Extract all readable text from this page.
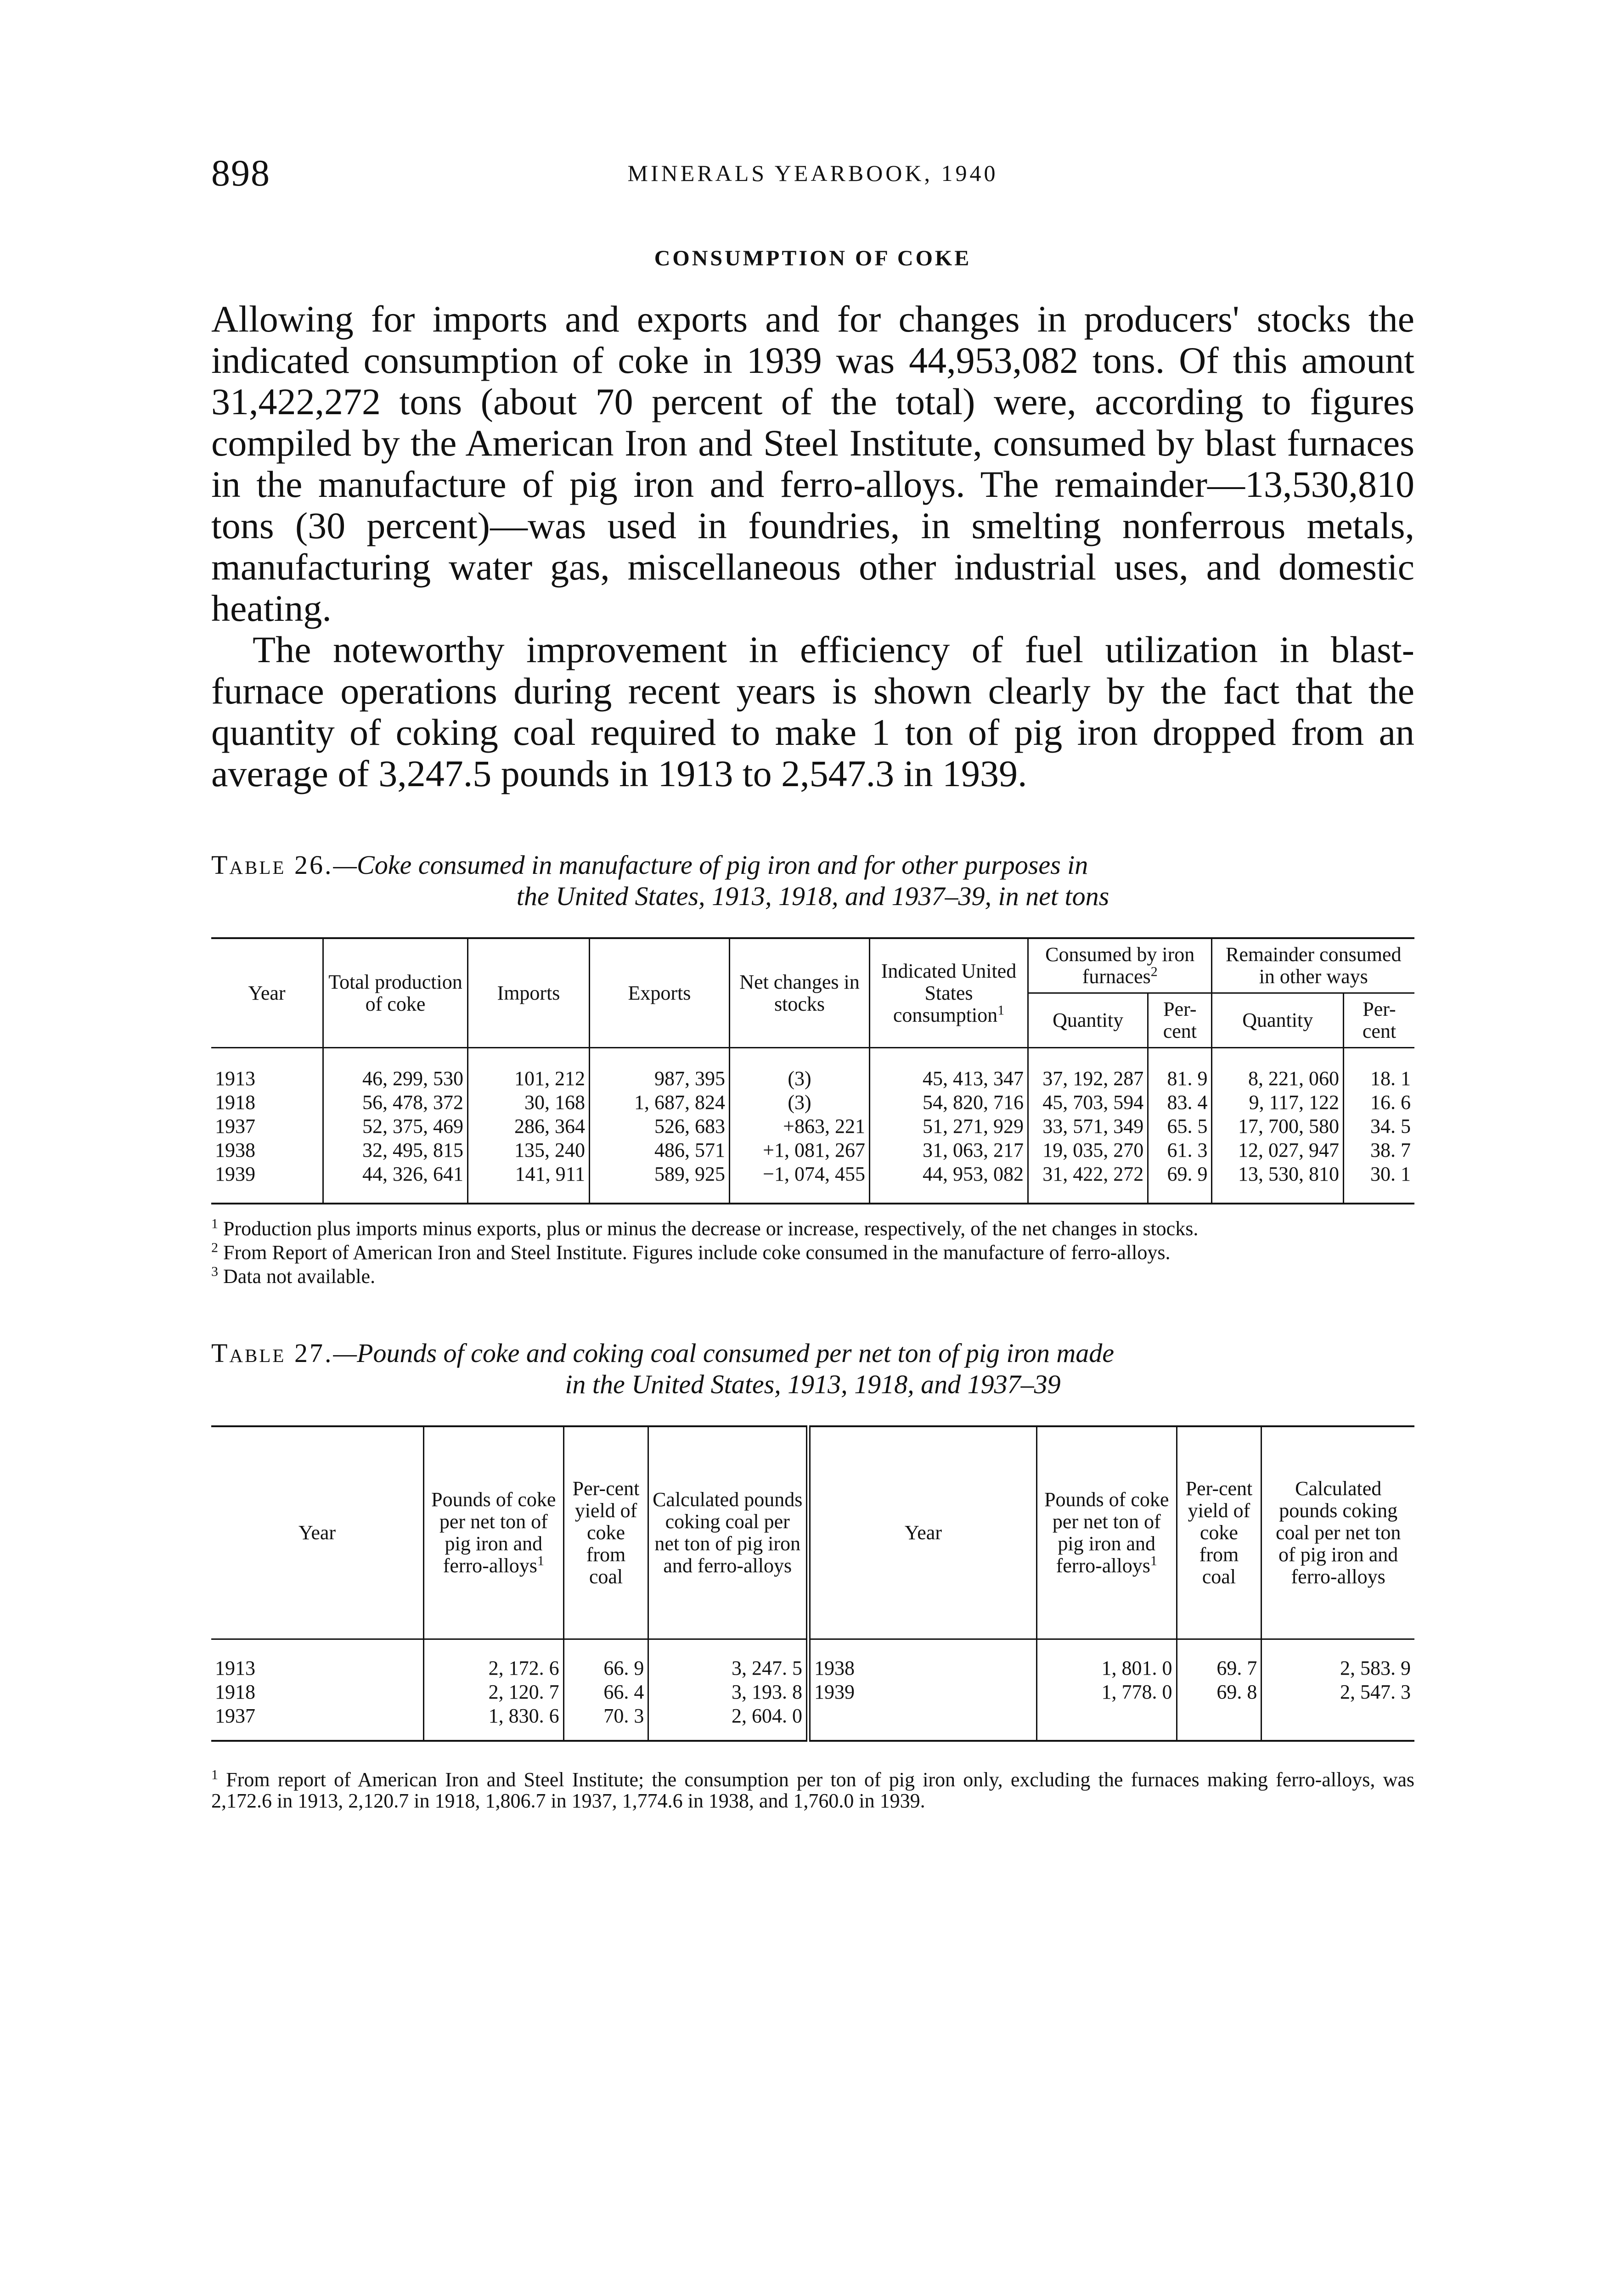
898	MINERALS YEARBOOK, 1940
CONSUMPTION OF COKE

Allowing for imports and exports and for changes in producers' stocks the indicated consumption of coke in 1939 was 44,953,082 tons. Of this amount 31,422,272 tons (about 70 percent of the total) were, according to figures compiled by the American Iron and Steel Institute, consumed by blast furnaces in the manufacture of pig iron and ferro-alloys. The remainder—13,530,810 tons (30 percent)—was used in foundries, in smelting nonferrous metals, manufacturing water gas, miscellaneous other industrial uses, and domestic heating.

The noteworthy improvement in efficiency of fuel utilization in blast-furnace operations during recent years is shown clearly by the fact that the quantity of coking coal required to make 1 ton of pig iron dropped from an average of 3,247.5 pounds in 1913 to 2,547.3 in 1939.

Table 26.—Coke consumed in manufacture of pig iron and for other purposes in
the United States, 1913, 1918, and 1937–39, in net tons
Year	Total production of coke	Imports	Exports	Net changes in stocks	Indicated United States consumption$^1$	Consumed by iron furnaces$^2$		Remainder consumed in other ways	
						Quantity	Per-cent	Quantity	Per-cent
1913	46, 299, 530	101, 212	987, 395	(3)	45, 413, 347	37, 192, 287	81. 9	8, 221, 060	18. 1
1918	56, 478, 372	30, 168	1, 687, 824	(3)	54, 820, 716	45, 703, 594	83. 4	9, 117, 122	16. 6
1937	52, 375, 469	286, 364	526, 683	+863, 221	51, 271, 929	33, 571, 349	65. 5	17, 700, 580	34. 5
1938	32, 495, 815	135, 240	486, 571	+1, 081, 267	31, 063, 217	19, 035, 270	61. 3	12, 027, 947	38. 7
1939	44, 326, 641	141, 911	589, 925	−1, 074, 455	44, 953, 082	31, 422, 272	69. 9	13, 530, 810	30. 1
$^1$ Production plus imports minus exports, plus or minus the decrease or increase, respectively, of the net changes in stocks.
$^2$ From Report of American Iron and Steel Institute. Figures include coke consumed in the manufacture of ferro-alloys.
$^3$ Data not available.
Table 27.—Pounds of coke and coking coal consumed per net ton of pig iron made
in the United States, 1913, 1918, and 1937–39
Year	Pounds of coke per net ton of pig iron and ferro-alloys$^1$	Per-cent yield of coke from coal	Calculated pounds coking coal per net ton of pig iron and ferro-alloys	Year	Pounds of coke per net ton of pig iron and ferro-alloys$^1$	Per-cent yield of coke from coal	Calculated pounds coking coal per net ton of pig iron and ferro-alloys
1913	2, 172. 6	66. 9	3, 247. 5	1938	1, 801. 0	69. 7	2, 583. 9
1918	2, 120. 7	66. 4	3, 193. 8	1939	1, 778. 0	69. 8	2, 547. 3
1937	1, 830. 6	70. 3	2, 604. 0				
$^1$ From report of American Iron and Steel Institute; the consumption per ton of pig iron only, excluding the furnaces making ferro-alloys, was 2,172.6 in 1913, 2,120.7 in 1918, 1,806.7 in 1937, 1,774.6 in 1938, and 1,760.0 in 1939.
